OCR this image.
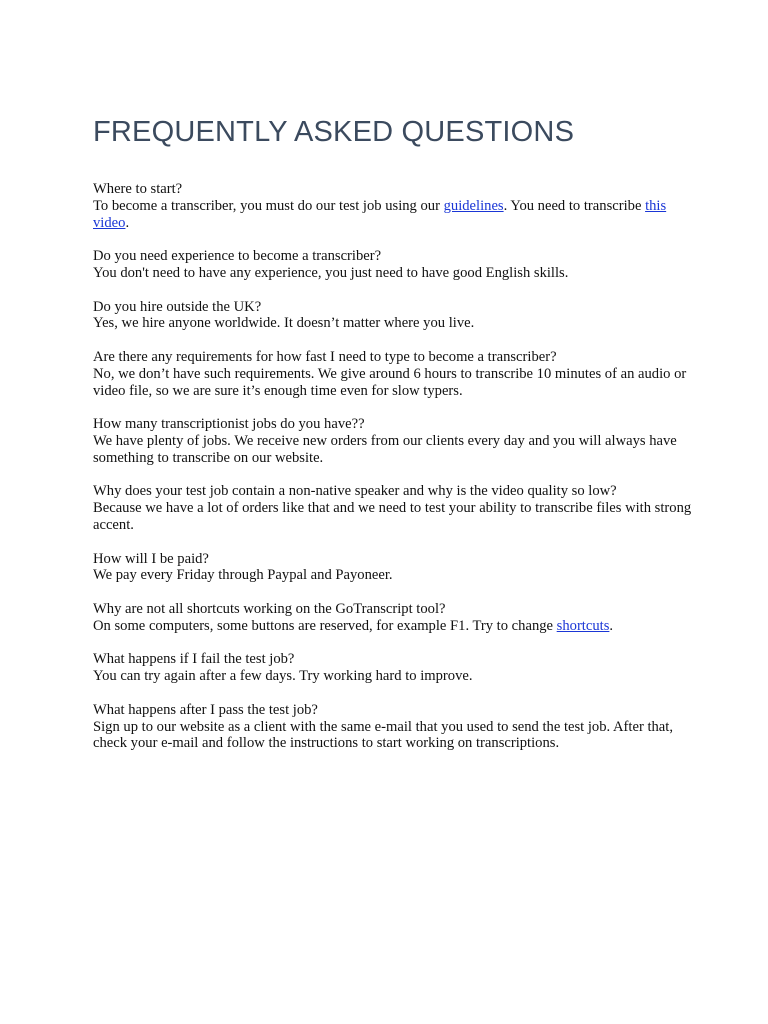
FREQUENTLY ASKED QUESTIONS

Where to start?

To become a transcriber, you must do our test job using our guidelines. You need to transcribe this video.

Do you need experience to become a transcriber?

You don't need to have any experience, you just need to have good English skills.

Do you hire outside the UK?

Yes, we hire anyone worldwide. It doesn’t matter where you live.

Are there any requirements for how fast I need to type to become a transcriber?

No, we don’t have such requirements. We give around 6 hours to transcribe 10 minutes of an audio or video file, so we are sure it’s enough time even for slow typers.

How many transcriptionist jobs do you have??

We have plenty of jobs. We receive new orders from our clients every day and you will always have something to transcribe on our website.

Why does your test job contain a non-native speaker and why is the video quality so low?

Because we have a lot of orders like that and we need to test your ability to transcribe files with strong accent.

How will I be paid?

We pay every Friday through Paypal and Payoneer.

Why are not all shortcuts working on the GoTranscript tool?

On some computers, some buttons are reserved, for example F1. Try to change shortcuts.

What happens if I fail the test job?

You can try again after a few days. Try working hard to improve.

What happens after I pass the test job?

Sign up to our website as a client with the same e-mail that you used to send the test job. After that, check your e-mail and follow the instructions to start working on transcriptions.
